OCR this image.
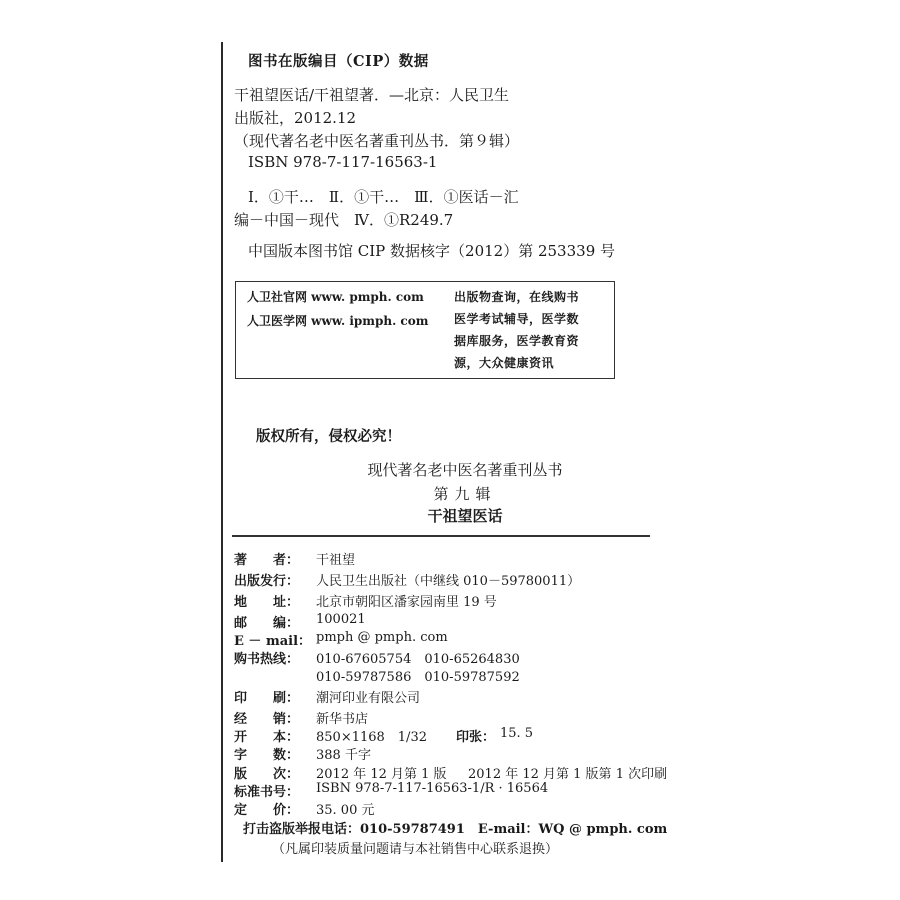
图书在版编目（CIP）数据
干祖望医话/干祖望著．—北京：人民卫生
出版社，2012.12
（现代著名老中医名著重刊丛书．第９辑）
ISBN 978-7-117-16563-1
Ⅰ．①干…　Ⅱ．①干…　Ⅲ．①医话－汇
编－中国－现代　Ⅳ．①R249.7
中国版本图书馆 CIP 数据核字（2012）第 253339 号
人卫社官网 www. pmph. com
人卫医学网 www. ipmph. com
出版物查询，在线购书
医学考试辅导，医学数
据库服务，医学教育资
源，大众健康资讯
版权所有，侵权必究！
现代著名老中医名著重刊丛书
第九辑
干祖望医话
著　　者：	干祖望
出版发行：	人民卫生出版社（中继线 010－59780011）
地　　址：	北京市朝阳区潘家园南里 19 号
邮　　编：	100021
E － mail： pmph @ pmph. com
购书热线：	010-67605754　010-65264830
010-59787586　010-59787592
印　　刷：	潮河印业有限公司
经　　销：	新华书店
开　　本：	850×1168　1/32 印张： 15. 5
字　　数：	388 千字
版　　次：	2012 年 12 月第 1 版 2012 年 12 月第 1 版第 1 次印刷
标准书号：	ISBN 978-7-117-16563-1/R · 16564
定　　价：	35. 00 元
打击盗版举报电话：010-59787491　E-mail：WQ @ pmph. com
（凡属印装质量问题请与本社销售中心联系退换）
